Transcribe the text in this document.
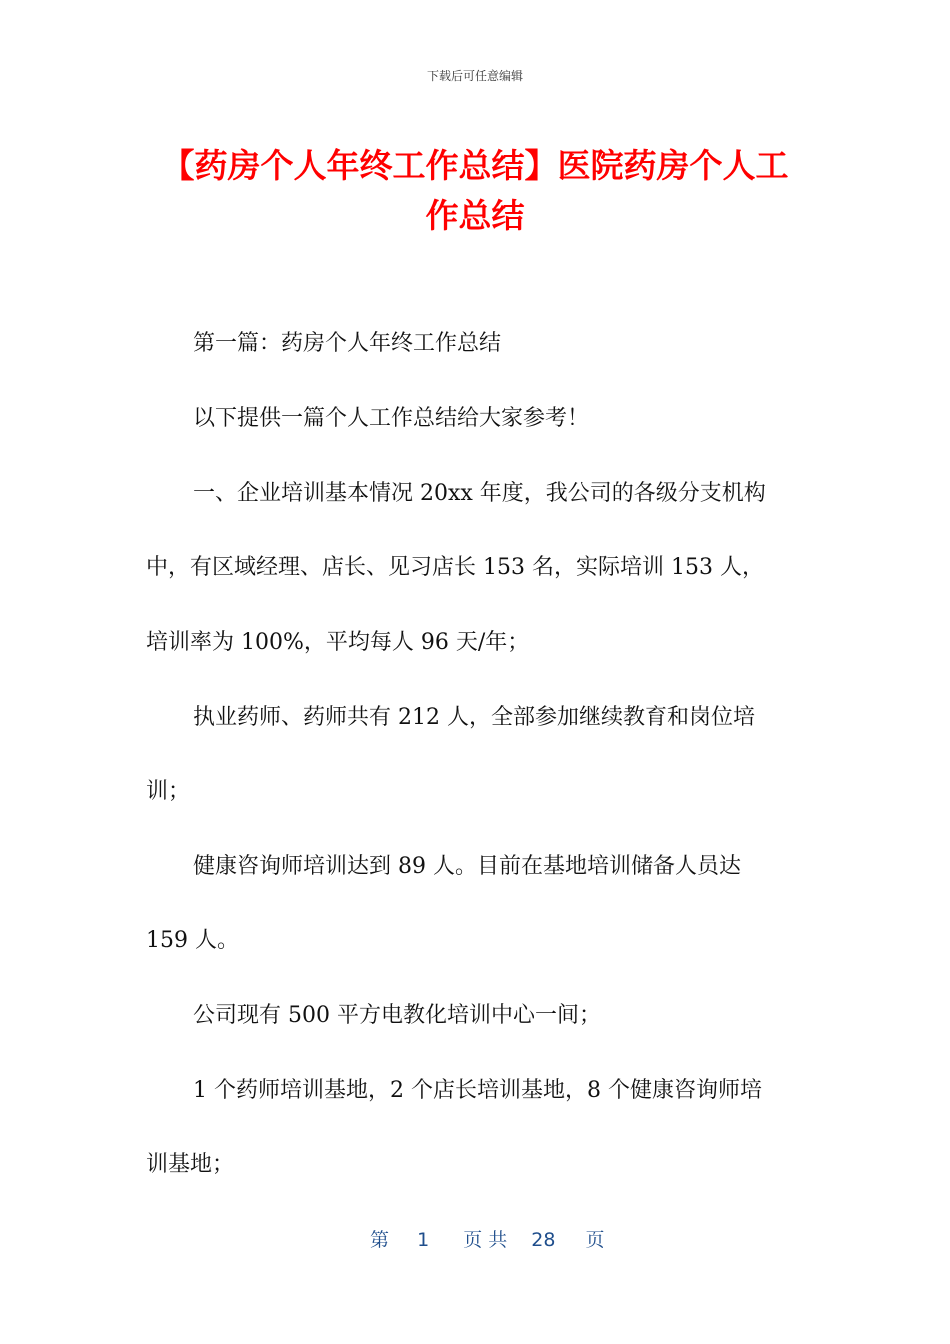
下载后可任意编辑
【药房个人年终工作总结】医院药房个人工
作总结
第一篇：药房个人年终工作总结
以下提供一篇个人工作总结给大家参考！
一、企业培训基本情况 20xx 年度，我公司的各级分支机构
中，有区域经理、店长、见习店长 153 名，实际培训 153 人，
培训率为 100%，平均每人 96 天/年；
执业药师、药师共有 212 人，全部参加继续教育和岗位培
训；
健康咨询师培训达到 89 人。目前在基地培训储备人员达
159 人。
公司现有 500 平方电教化培训中心一间；
1 个药师培训基地，2 个店长培训基地，8 个健康咨询师培
训基地；
第 1 页 共 28 页
